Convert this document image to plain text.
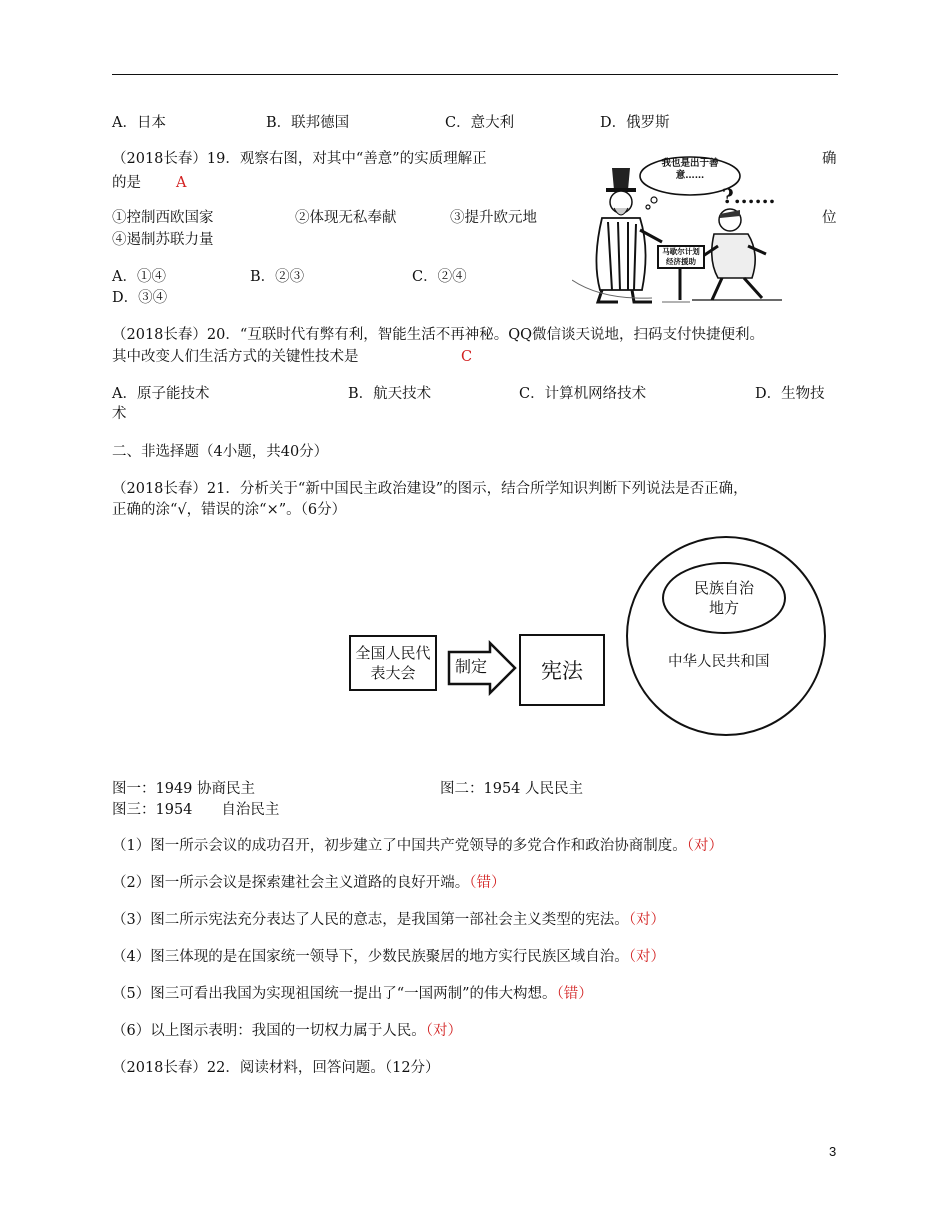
A．日本	B．联邦德国	C．意大利	D．俄罗斯
（2018长春）19．观察右图，对其中“善意”的实质理解正	确
的是 A
①控制西欧国家	②体现无私奉献	③提升欧元地	位
④遏制苏联力量
A．①④	B．②③	C．②④
D．③④
我也是出于善意……
马歇尔计划经济援助
?......
（2018长春）20．“互联时代有弊有利，智能生活不再神秘。QQ微信谈天说地，扫码支付快捷便利。
其中改变人们生活方式的关键性技术是	C
A．原子能技术	B．航天技术	C．计算机网络技术	D．生物技
术
二、非选择题（4小题，共40分）
（2018长春）21．分析关于“新中国民主政治建设”的图示，结合所学知识判断下列说法是否正确，
正确的涂“√，错误的涂“×”。（6分）
全国人民代表大会	制定	宪法
民族自治地方
中华人民共和国
图一：1949 协商民主	图二：1954 人民民主
图三：1954　　自治民主
（1）图一所示会议的成功召开，初步建立了中国共产党领导的多党合作和政治协商制度。（对）
（2）图一所示会议是探索建社会主义道路的良好开端。（错）
（3）图二所示宪法充分表达了人民的意志，是我国第一部社会主义类型的宪法。（对）
（4）图三体现的是在国家统一领导下，少数民族聚居的地方实行民族区域自治。（对）
（5）图三可看出我国为实现祖国统一提出了“一国两制”的伟大构想。（错）
（6）以上图示表明：我国的一切权力属于人民。（对）
（2018长春）22．阅读材料，回答问题。（12分）
3
